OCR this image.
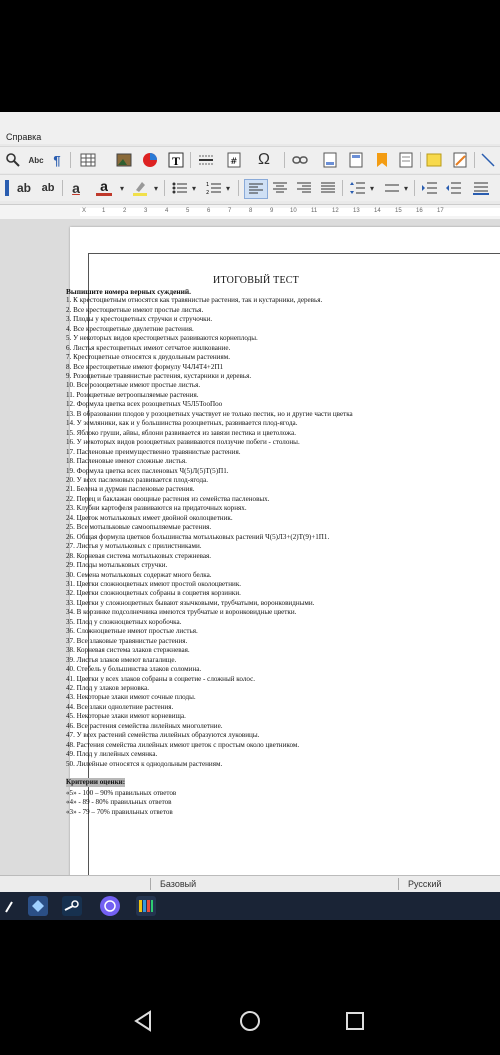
Справка
Abc ¶	T	#	Ω
ab ab a a	▾	▾	▾	1
2
▾	▾	▾
X	1	2	3	4	5	6	7	8	9	10 11 12 13 14 15 16 17
ИТОГОВЫЙ ТЕСТ
Выпишите номера верных суждений.
1. К крестоцветным относятся как травянистые растения, так и кустарники, деревья.
2. Все крестоцветные имеют простые листья.
3. Плоды у крестоцветных стручки и стручочки.
4. Все крестоцветные двулетние растения.
5. У некоторых видов крестоцветных развиваются корнеплоды.
6. Листья крестоцветных имеют сетчатое жилкование.
7. Крестоцветные относятся к двудольным растениям.
8. Все крестоцветные имеют формулу Ч4Л4Т4+2П1
9. Розоцветные травянистые растения, кустарники и деревья.
10. Все розоцветные имеют простые листья.
11. Розоцветные ветроопыляемые растения.
12. Формула цветка всех розоцветных Ч5Л5ТооПоо
13. В образовании плодов у розоцветных участвует не только пестик, но и другие части цветка
14. У земляники, как и у большинства розоцветных, развивается плод-ягода.
15. Яблоко груши, айвы, яблони развивается из завязи пестика и цветоложа.
16. У некоторых видов розоцветных развиваются ползучие побеги - столоны.
17. Пасленовые преимущественно травянистые растения.
18. Пасленовые имеют сложные листья.
19. Формула цветка всех пасленовых Ч(5)Л(5)Т(5)П1.
20. У всех пасленовых развивается плод-ягода.
21. Белена и дурман пасленовые растения.
22. Перец и баклажан овощные растения из семейства пасленовых.
23. Клубни картофеля развиваются на придаточных корнях.
24. Цветок мотыльковых имеет двойной околоцветник.
25. Все мотыльковые самоопыляемые растения.
26. Общая формула цветков большинства мотыльковых растений Ч(5)Л3+(2)Т(9)+1П1.
27. Листья у мотыльковых с прилистниками.
28. Корневая система мотыльковых стержневая.
29. Плоды мотыльковых стручки.
30. Семена мотыльковых содержат много белка.
31. Цветки сложноцветных имеют простой околоцветник.
32. Цветки сложноцветных собраны в соцветия корзинки.
33. Цветки у сложноцветных бывают язычковыми, трубчатыми, воронковидными.
34. В корзинке подсолнечника имеются трубчатые и воронковидные цветки.
35. Плод у сложноцветных коробочка.
36. Сложноцветные имеют простые листья.
37. Все злаковые травянистые растения.
38. Корневая система злаков стержневая.
39. Листья злаков имеют влагалище.
40. Стебель у большинства злаков соломина.
41. Цветки у всех злаков собраны в соцветие - сложный колос.
42. Плод у злаков зерновка.
43. Некоторые злаки имеют сочные плоды.
44. Все злаки однолетние растения.
45. Некоторые злаки имеют корневища.
46. Все растения семейства лилейных многолетние.
47. У всех растений семейства лилейных образуются луковицы.
48. Растения семейства лилейных имеют цветок с простым около цветником.
49. Плод у лилейных семянка.
50. Лилейные относятся к однодольным растениям.
Критерии оценки:
«5» - 100 – 90% правильных ответов
«4» - 89 - 80% правильных ответов
«3» - 79 – 70% правильных ответов
Базовый	Русский
